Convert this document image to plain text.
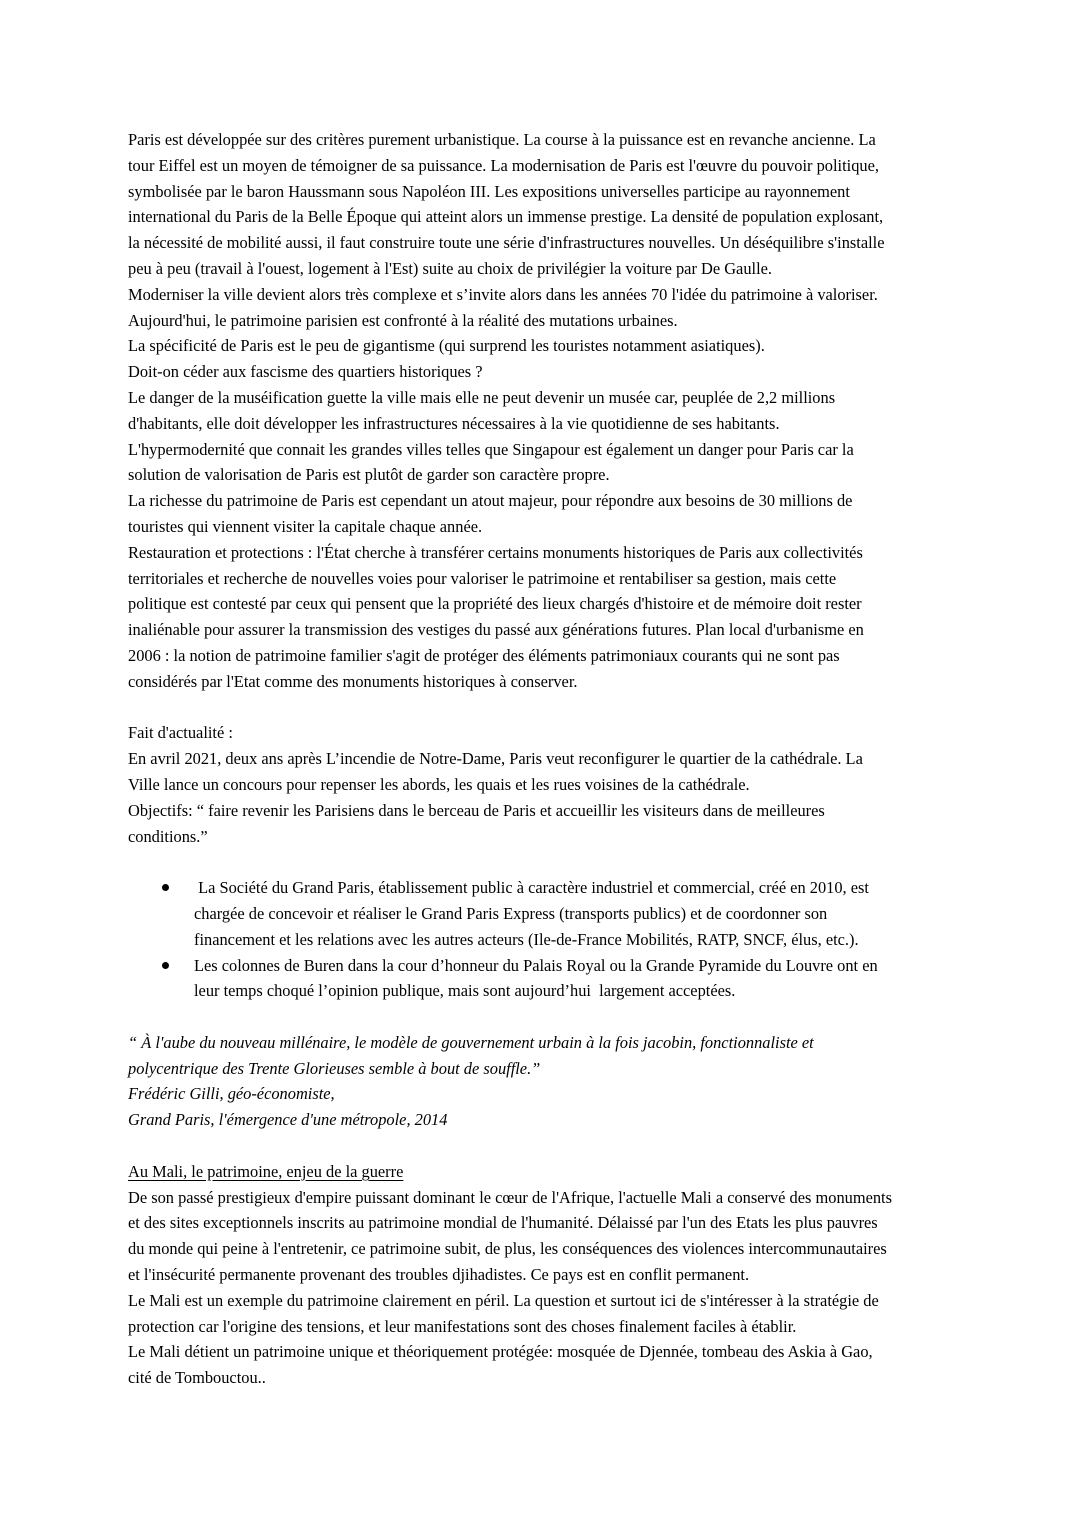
Paris est développée sur des critères purement urbanistique. La course à la puissance est en revanche ancienne. La
tour Eiffel est un moyen de témoigner de sa puissance. La modernisation de Paris est l'œuvre du pouvoir politique,
symbolisée par le baron Haussmann sous Napoléon III. Les expositions universelles participe au rayonnement
international du Paris de la Belle Époque qui atteint alors un immense prestige. La densité de population explosant,
la nécessité de mobilité aussi, il faut construire toute une série d'infrastructures nouvelles. Un déséquilibre s'installe
peu à peu (travail à l'ouest, logement à l'Est) suite au choix de privilégier la voiture par De Gaulle.
Moderniser la ville devient alors très complexe et s’invite alors dans les années 70 l'idée du patrimoine à valoriser.
Aujourd'hui, le patrimoine parisien est confronté à la réalité des mutations urbaines.
La spécificité de Paris est le peu de gigantisme (qui surprend les touristes notamment asiatiques).
Doit-on céder aux fascisme des quartiers historiques ?
Le danger de la muséification guette la ville mais elle ne peut devenir un musée car, peuplée de 2,2 millions
d'habitants, elle doit développer les infrastructures nécessaires à la vie quotidienne de ses habitants.
L'hypermodernité que connait les grandes villes telles que Singapour est également un danger pour Paris car la
solution de valorisation de Paris est plutôt de garder son caractère propre.
La richesse du patrimoine de Paris est cependant un atout majeur, pour répondre aux besoins de 30 millions de
touristes qui viennent visiter la capitale chaque année.
Restauration et protections : l'État cherche à transférer certains monuments historiques de Paris aux collectivités
territoriales et recherche de nouvelles voies pour valoriser le patrimoine et rentabiliser sa gestion, mais cette
politique est contesté par ceux qui pensent que la propriété des lieux chargés d'histoire et de mémoire doit rester
inaliénable pour assurer la transmission des vestiges du passé aux générations futures. Plan local d'urbanisme en
2006 : la notion de patrimoine familier s'agit de protéger des éléments patrimoniaux courants qui ne sont pas
considérés par l'Etat comme des monuments historiques à conserver.
Fait d'actualité :
En avril 2021, deux ans après L’incendie de Notre-Dame, Paris veut reconfigurer le quartier de la cathédrale. La
Ville lance un concours pour repenser les abords, les quais et les rues voisines de la cathédrale.
Objectifs: “ faire revenir les Parisiens dans le berceau de Paris et accueillir les visiteurs dans de meilleures
conditions.”
La Société du Grand Paris, établissement public à caractère industriel et commercial, créé en 2010, est
chargée de concevoir et réaliser le Grand Paris Express (transports publics) et de coordonner son
financement et les relations avec les autres acteurs (Ile-de-France Mobilités, RATP, SNCF, élus, etc.).
Les colonnes de Buren dans la cour d’honneur du Palais Royal ou la Grande Pyramide du Louvre ont en
leur temps choqué l’opinion publique, mais sont aujourd’hui  largement acceptées.
“ À l'aube du nouveau millénaire, le modèle de gouvernement urbain à la fois jacobin, fonctionnaliste et
polycentrique des Trente Glorieuses semble à bout de souffle.”
Frédéric Gilli, géo-économiste,
Grand Paris, l'émergence d'une métropole, 2014
Au Mali, le patrimoine, enjeu de la guerre
De son passé prestigieux d'empire puissant dominant le cœur de l'Afrique, l'actuelle Mali a conservé des monuments
et des sites exceptionnels inscrits au patrimoine mondial de l'humanité. Délaissé par l'un des Etats les plus pauvres
du monde qui peine à l'entretenir, ce patrimoine subit, de plus, les conséquences des violences intercommunautaires
et l'insécurité permanente provenant des troubles djihadistes. Ce pays est en conflit permanent.
Le Mali est un exemple du patrimoine clairement en péril. La question et surtout ici de s'intéresser à la stratégie de
protection car l'origine des tensions, et leur manifestations sont des choses finalement faciles à établir.
Le Mali détient un patrimoine unique et théoriquement protégée: mosquée de Djennée, tombeau des Askia à Gao,
cité de Tombouctou..
